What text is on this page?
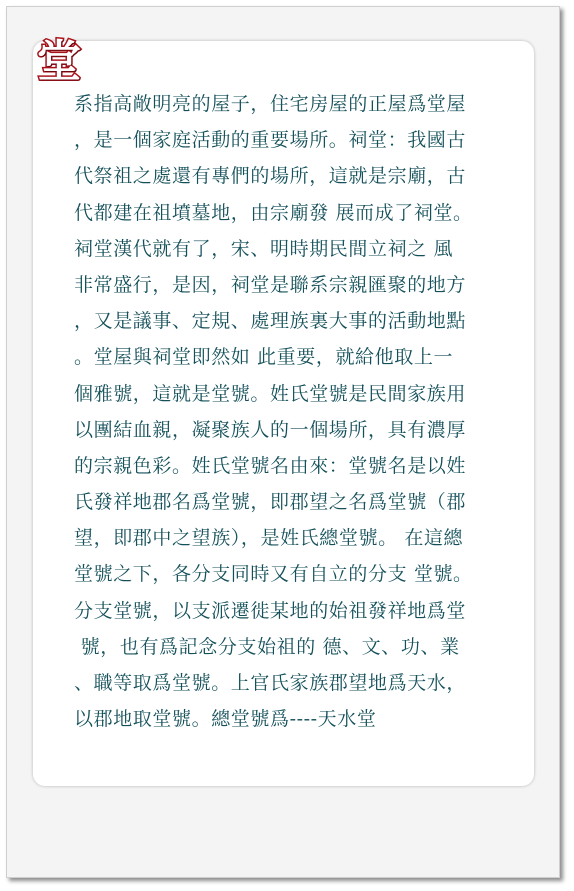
堂
系指高敞明亮的屋子，住宅房屋的正屋爲堂屋
，是一個家庭活動的重要場所。祠堂：我國古
代祭祖之處還有專們的場所，這就是宗廟，古
代都建在祖墳墓地，由宗廟發 展而成了祠堂。
祠堂漢代就有了，宋、明時期民間立祠之 風
非常盛行，是因，祠堂是聯系宗親匯聚的地方
，又是議事、定規、處理族裏大事的活動地點
。堂屋與祠堂即然如 此重要，就給他取上一
個雅號，這就是堂號。姓氏堂號是民間家族用
以團結血親，凝聚族人的一個場所，具有濃厚
的宗親色彩。姓氏堂號名由來：堂號名是以姓
氏發祥地郡名爲堂號，即郡望之名爲堂號（郡
望，即郡中之望族），是姓氏總堂號。 在這總
堂號之下，各分支同時又有自立的分支 堂號。
分支堂號，以支派遷徙某地的始祖發祥地爲堂
號，也有爲記念分支始祖的 德、文、功、業
、職等取爲堂號。上官氏家族郡望地爲天水，
以郡地取堂號。總堂號爲----天水堂
